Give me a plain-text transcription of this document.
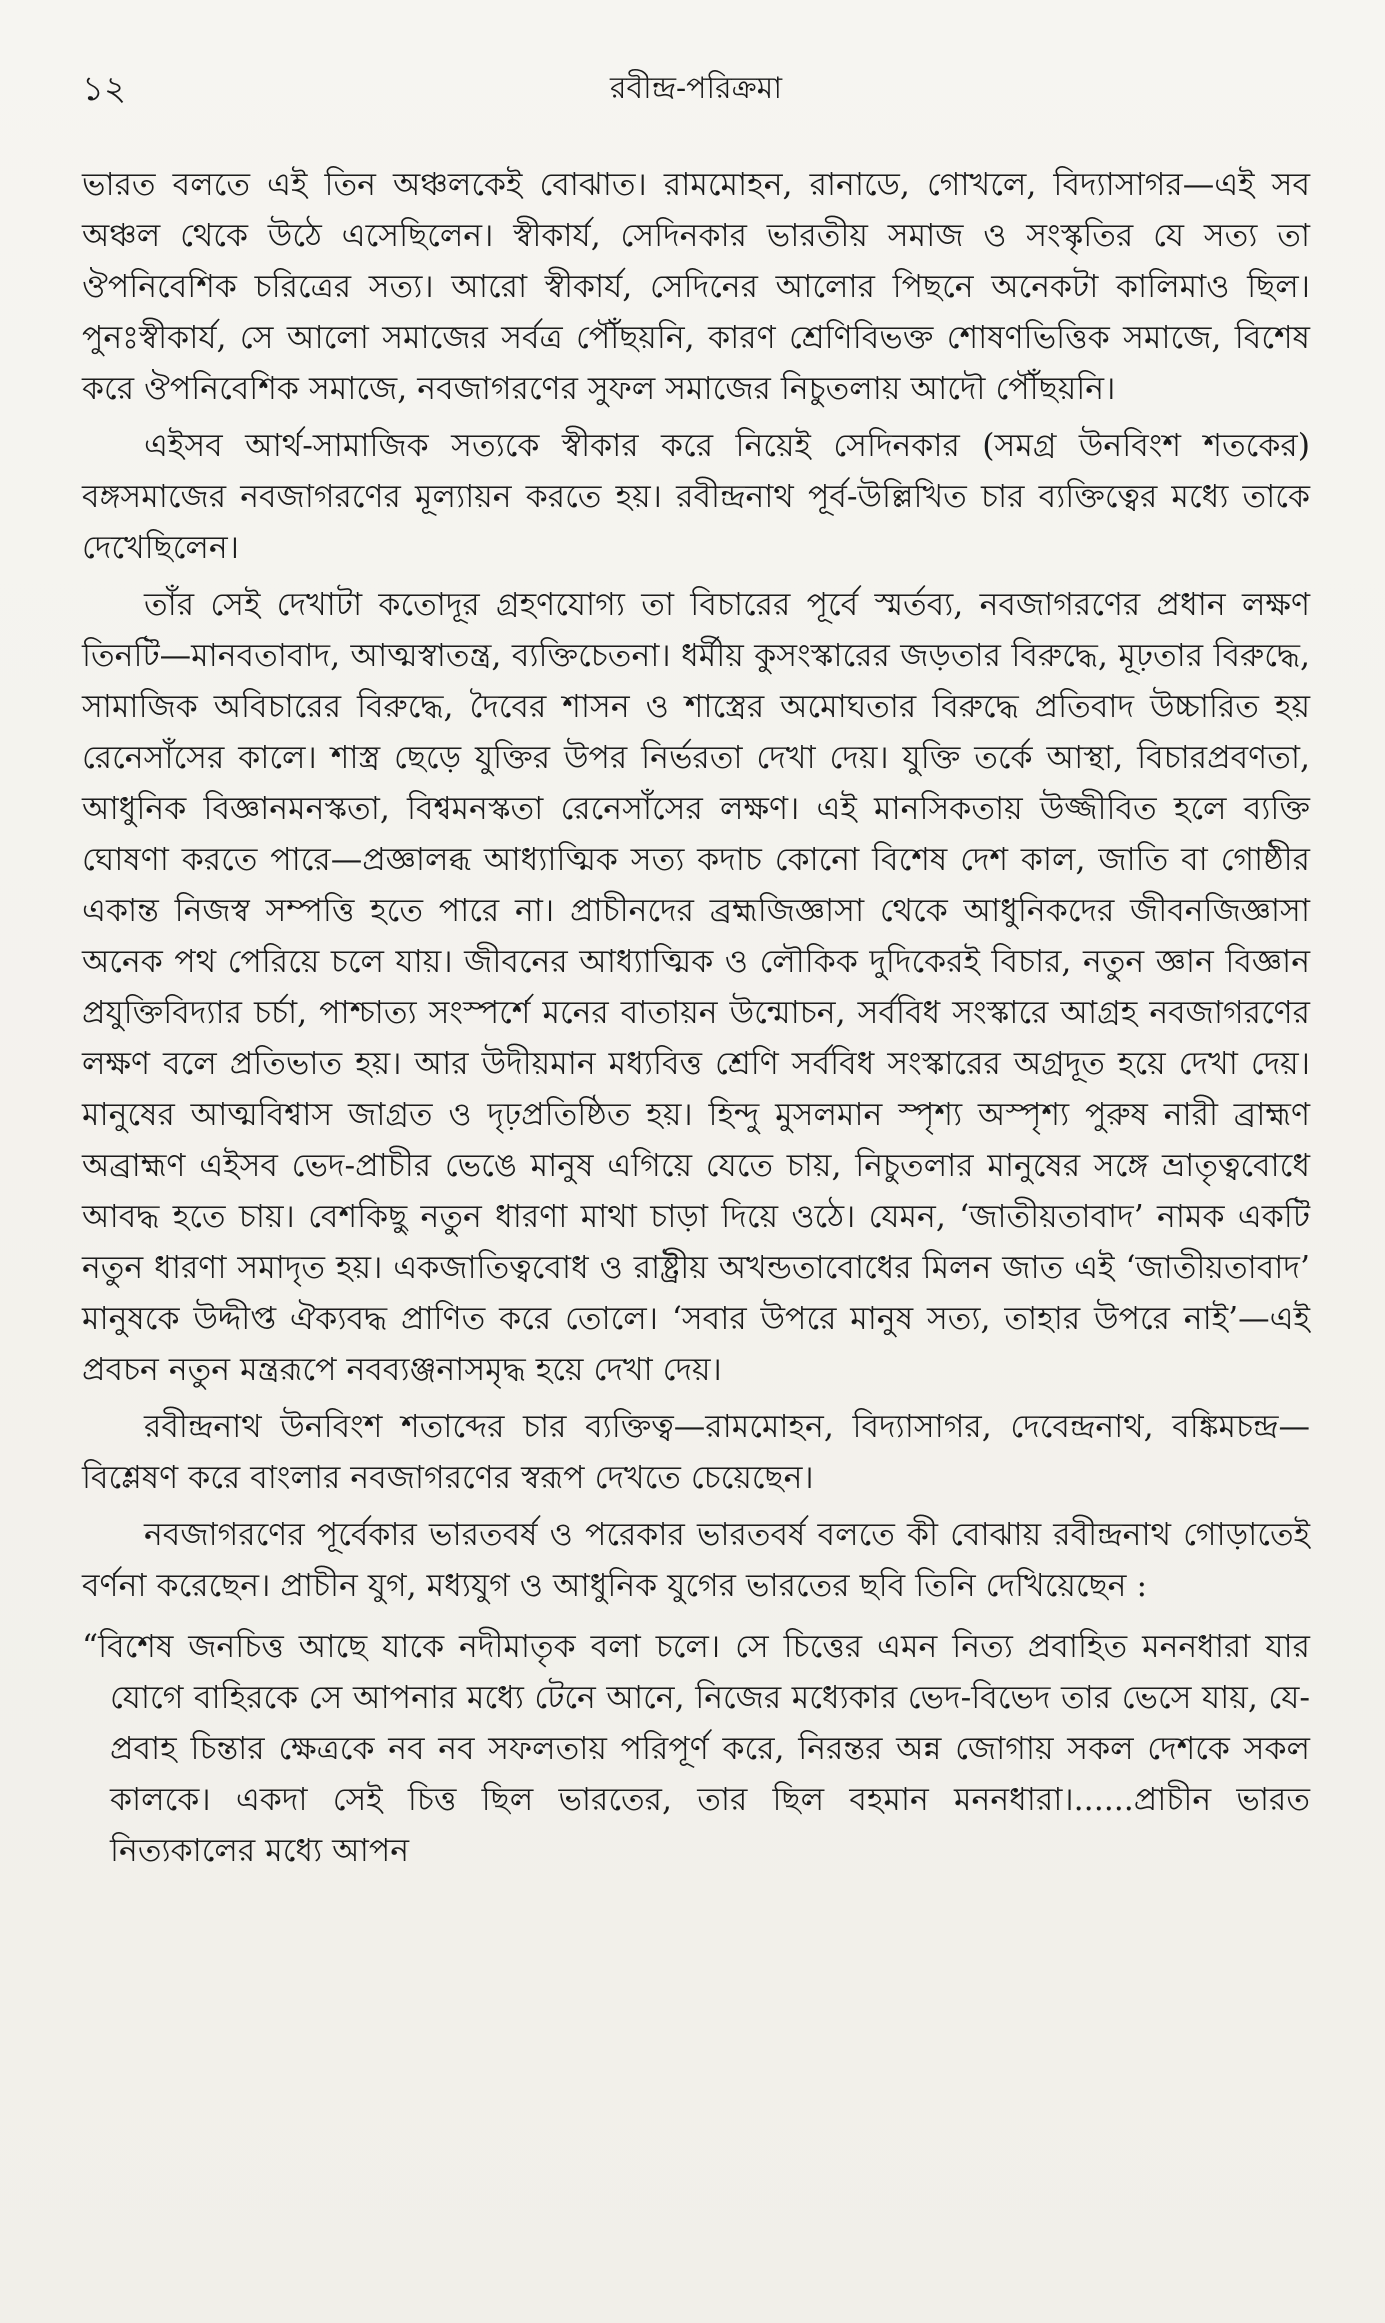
১২	রবীন্দ্র-পরিক্রমা

ভারত বলতে এই তিন অঞ্চলকেই বোঝাত। রামমোহন, রানাডে, গোখলে, বিদ্যাসাগর—এই সব অঞ্চল থেকে উঠে এসেছিলেন। স্বীকার্য, সেদিনকার ভারতীয় সমাজ ও সংস্কৃতির যে সত্য তা ঔপনিবেশিক চরিত্রের সত্য। আরো স্বীকার্য, সেদিনের আলোর পিছনে অনেকটা কালিমাও ছিল। পুনঃস্বীকার্য, সে আলো সমাজের সর্বত্র পৌঁছয়নি, কারণ শ্রেণিবিভক্ত শোষণভিত্তিক সমাজে, বিশেষ করে ঔপনিবেশিক সমাজে, নবজাগরণের সুফল সমাজের নিচুতলায় আদৌ পৌঁছয়নি।

এইসব আর্থ-সামাজিক সত্যকে স্বীকার করে নিয়েই সেদিনকার (সমগ্র উনবিংশ শতকের) বঙ্গসমাজের নবজাগরণের মূল্যায়ন করতে হয়। রবীন্দ্রনাথ পূর্ব-উল্লিখিত চার ব্যক্তিত্বের মধ্যে তাকে দেখেছিলেন।

তাঁর সেই দেখাটা কতোদূর গ্রহণযোগ্য তা বিচারের পূর্বে স্মর্তব্য, নবজাগরণের প্রধান লক্ষণ তিনটি—মানবতাবাদ, আত্মস্বাতন্ত্র, ব্যক্তিচেতনা। ধর্মীয় কুসংস্কারের জড়তার বিরুদ্ধে, মূঢ়তার বিরুদ্ধে, সামাজিক অবিচারের বিরুদ্ধে, দৈবের শাসন ও শাস্ত্রের অমোঘতার বিরুদ্ধে প্রতিবাদ উচ্চারিত হয় রেনেসাঁসের কালে। শাস্ত্র ছেড়ে যুক্তির উপর নির্ভরতা দেখা দেয়। যুক্তি তর্কে আস্থা, বিচারপ্রবণতা, আধুনিক বিজ্ঞানমনস্কতা, বিশ্বমনস্কতা রেনেসাঁসের লক্ষণ। এই মানসিকতায় উজ্জীবিত হলে ব্যক্তি ঘোষণা করতে পারে—প্রজ্ঞালব্ধ আধ্যাত্মিক সত্য কদাচ কোনো বিশেষ দেশ কাল, জাতি বা গোষ্ঠীর একান্ত নিজস্ব সম্পত্তি হতে পারে না। প্রাচীনদের ব্রহ্মজিজ্ঞাসা থেকে আধুনিকদের জীবনজিজ্ঞাসা অনেক পথ পেরিয়ে চলে যায়। জীবনের আধ্যাত্মিক ও লৌকিক দুদিকেরই বিচার, নতুন জ্ঞান বিজ্ঞান প্রযুক্তিবিদ্যার চর্চা, পাশ্চাত্য সংস্পর্শে মনের বাতায়ন উন্মোচন, সর্ববিধ সংস্কারে আগ্রহ নবজাগরণের লক্ষণ বলে প্রতিভাত হয়। আর উদীয়মান মধ্যবিত্ত শ্রেণি সর্ববিধ সংস্কারের অগ্রদূত হয়ে দেখা দেয়। মানুষের আত্মবিশ্বাস জাগ্রত ও দৃঢ়প্রতিষ্ঠিত হয়। হিন্দু মুসলমান স্পৃশ্য অস্পৃশ্য পুরুষ নারী ব্রাহ্মণ অব্রাহ্মণ এইসব ভেদ-প্রাচীর ভেঙে মানুষ এগিয়ে যেতে চায়, নিচুতলার মানুষের সঙ্গে ভ্রাতৃত্ববোধে আবদ্ধ হতে চায়। বেশকিছু নতুন ধারণা মাথা চাড়া দিয়ে ওঠে। যেমন, ‘জাতীয়তাবাদ’ নামক একটি নতুন ধারণা সমাদৃত হয়। একজাতিত্ববোধ ও রাষ্ট্রীয় অখন্ডতাবোধের মিলন জাত এই ‘জাতীয়তাবাদ’ মানুষকে উদ্দীপ্ত ঐক্যবদ্ধ প্রাণিত করে তোলে। ‘সবার উপরে মানুষ সত্য, তাহার উপরে নাই’—এই প্রবচন নতুন মন্ত্ররূপে নবব্যঞ্জনাসমৃদ্ধ হয়ে দেখা দেয়।

রবীন্দ্রনাথ উনবিংশ শতাব্দের চার ব্যক্তিত্ব—রামমোহন, বিদ্যাসাগর, দেবেন্দ্রনাথ, বঙ্কিমচন্দ্র—বিশ্লেষণ করে বাংলার নবজাগরণের স্বরূপ দেখতে চেয়েছেন।

নবজাগরণের পূর্বেকার ভারতবর্ষ ও পরেকার ভারতবর্ষ বলতে কী বোঝায় রবীন্দ্রনাথ গোড়াতেই বর্ণনা করেছেন। প্রাচীন যুগ, মধ্যযুগ ও আধুনিক যুগের ভারতের ছবি তিনি দেখিয়েছেন :

“বিশেষ জনচিত্ত আছে যাকে নদীমাতৃক বলা চলে। সে চিত্তের এমন নিত্য প্রবাহিত মননধারা যার যোগে বাহিরকে সে আপনার মধ্যে টেনে আনে, নিজের মধ্যেকার ভেদ-বিভেদ তার ভেসে যায়, যে-প্রবাহ চিন্তার ক্ষেত্রকে নব নব সফলতায় পরিপূর্ণ করে, নিরন্তর অন্ন জোগায় সকল দেশকে সকল কালকে। একদা সেই চিত্ত ছিল ভারতের, তার ছিল বহমান মননধারা।......প্রাচীন ভারত নিত্যকালের মধ্যে আপন
